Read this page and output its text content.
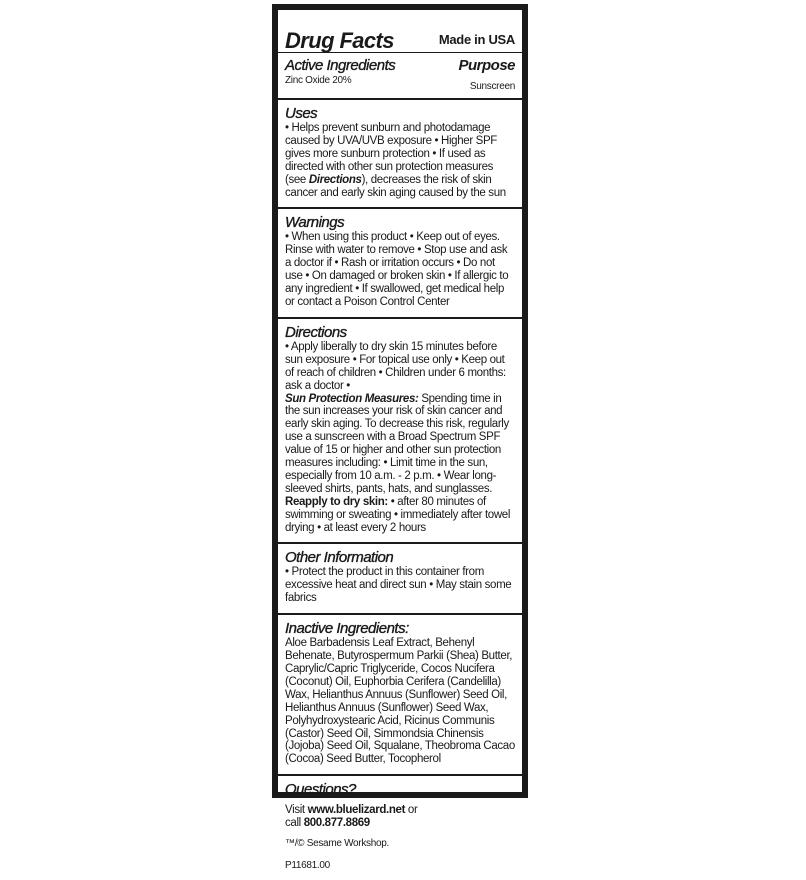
Drug Facts	Made in USA
Active Ingredients	Purpose
Zinc Oxide 20%
Sunscreen
Uses

• Helps prevent sunburn and photodamage caused by UVA/UVB exposure • Higher SPF gives more sunburn protection • If used as directed with other sun protection measures (see Directions), decreases the risk of skin cancer and early skin aging caused by the sun

Warnings

• When using this product • Keep out of eyes. Rinse with water to remove • Stop use and ask a doctor if • Rash or irritation occurs • Do not use • On damaged or broken skin • If allergic to any ingredient • If swallowed, get medical help or contact a Poison Control Center

Directions

• Apply liberally to dry skin 15 minutes before sun exposure • For topical use only • Keep out of reach of children • Children under 6 months: ask a doctor •
Sun Protection Measures: Spending time in the sun increases your risk of skin cancer and early skin aging. To decrease this risk, regularly use a sunscreen with a Broad Spectrum SPF value of 15 or higher and other sun protection measures including: • Limit time in the sun, especially from 10 a.m. - 2 p.m. • Wear long-sleeved shirts, pants, hats, and sunglasses. Reapply to dry skin: • after 80 minutes of swimming or sweating • immediately after towel drying • at least every 2 hours

Other Information

• Protect the product in this container from excessive heat and direct sun • May stain some fabrics

Inactive Ingredients:

Aloe Barbadensis Leaf Extract, Behenyl Behenate, Butyrospermum Parkii (Shea) Butter, Caprylic/Capric Triglyceride, Cocos Nucifera (Coconut) Oil, Euphorbia Cerifera (Candelilla) Wax, Helianthus Annuus (Sunflower) Seed Oil, Helianthus Annuus (Sunflower) Seed Wax, Polyhydroxystearic Acid, Ricinus Communis (Castor) Seed Oil, Simmondsia Chinensis (Jojoba) Seed Oil, Squalane, Theobroma Cacao (Cocoa) Seed Butter, Tocopherol

Questions?

Visit www.bluelizard.net or
call 800.877.8869

™/© Sesame Workshop.

P11681.00
